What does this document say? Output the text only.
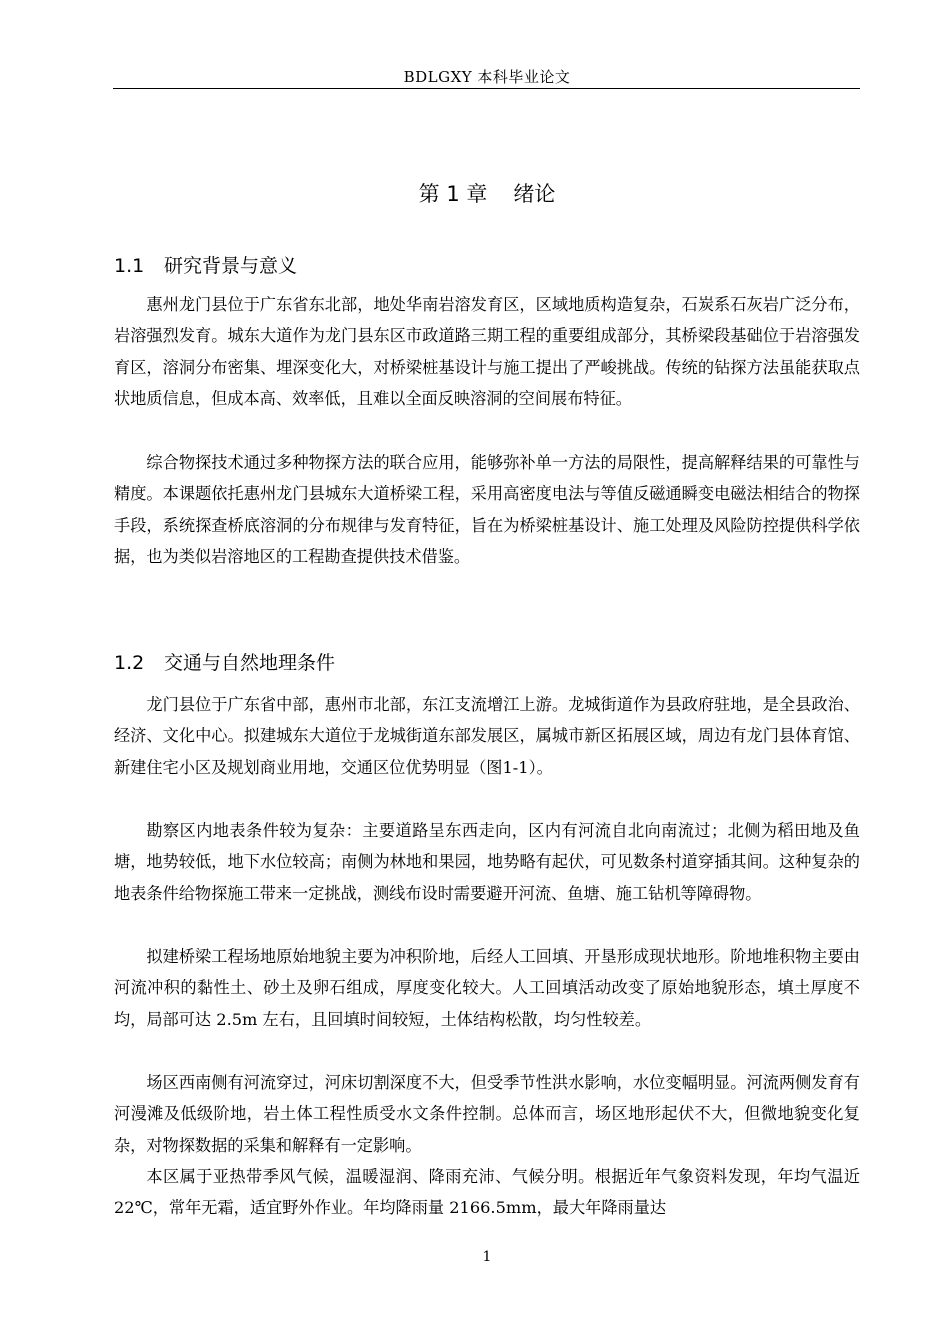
BDLGXY 本科毕业论文
第 1 章 绪论
1.1 研究背景与意义

惠州龙门县位于广东省东北部，地处华南岩溶发育区，区域地质构造复杂，石炭系石灰岩广泛分布，岩溶强烈发育。城东大道作为龙门县东区市政道路三期工程的重要组成部分，其桥梁段基础位于岩溶强发育区，溶洞分布密集、埋深变化大，对桥梁桩基设计与施工提出了严峻挑战。传统的钻探方法虽能获取点状地质信息，但成本高、效率低，且难以全面反映溶洞的空间展布特征。

综合物探技术通过多种物探方法的联合应用，能够弥补单一方法的局限性，提高解释结果的可靠性与精度。本课题依托惠州龙门县城东大道桥梁工程，采用高密度电法与等值反磁通瞬变电磁法相结合的物探手段，系统探查桥底溶洞的分布规律与发育特征，旨在为桥梁桩基设计、施工处理及风险防控提供科学依据，也为类似岩溶地区的工程勘查提供技术借鉴。

1.2 交通与自然地理条件

龙门县位于广东省中部，惠州市北部，东江支流增江上游。龙城街道作为县政府驻地，是全县政治、经济、文化中心。拟建城东大道位于龙城街道东部发展区，属城市新区拓展区域，周边有龙门县体育馆、新建住宅小区及规划商业用地，交通区位优势明显（图1-1）。

勘察区内地表条件较为复杂：主要道路呈东西走向，区内有河流自北向南流过；北侧为稻田地及鱼塘，地势较低，地下水位较高；南侧为林地和果园，地势略有起伏，可见数条村道穿插其间。这种复杂的地表条件给物探施工带来一定挑战，测线布设时需要避开河流、鱼塘、施工钻机等障碍物。

拟建桥梁工程场地原始地貌主要为冲积阶地，后经人工回填、开垦形成现状地形。阶地堆积物主要由河流冲积的黏性土、砂土及卵石组成，厚度变化较大。人工回填活动改变了原始地貌形态，填土厚度不均，局部可达 2.5m 左右，且回填时间较短，土体结构松散，均匀性较差。

场区西南侧有河流穿过，河床切割深度不大，但受季节性洪水影响，水位变幅明显。河流两侧发育有河漫滩及低级阶地，岩土体工程性质受水文条件控制。总体而言，场区地形起伏不大，但微地貌变化复杂，对物探数据的采集和解释有一定影响。

本区属于亚热带季风气候，温暖湿润、降雨充沛、气候分明。根据近年气象资料发现，年均气温近 22℃，常年无霜，适宜野外作业。年均降雨量 2166.5mm，最大年降雨量达

1
